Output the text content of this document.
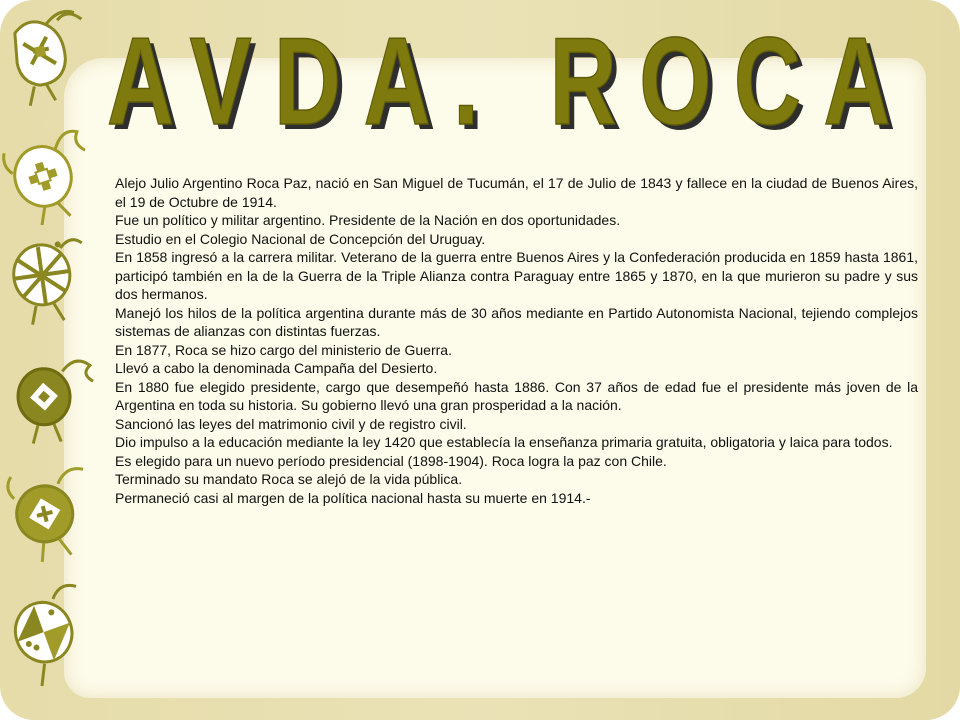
AVDA. ROCA
AVDA. ROCA

Alejo Julio Argentino Roca Paz, nació en San Miguel de Tucumán, el 17 de Julio de 1843 y fallece en la ciudad de Buenos Aires, el 19 de Octubre de 1914.

Fue un político y militar argentino. Presidente de la Nación en dos oportunidades.

Estudio en el Colegio Nacional de Concepción del Uruguay.

En 1858 ingresó a la carrera militar. Veterano de la guerra entre Buenos Aires y la Confederación producida en 1859 hasta 1861, participó también en la de la Guerra de la Triple Alianza contra Paraguay entre 1865 y 1870, en la que murieron su padre y sus dos hermanos.

Manejó los hilos de la política argentina durante más de 30 años mediante en Partido Autonomista Nacional, tejiendo complejos sistemas de alianzas con distintas fuerzas.

En 1877, Roca se hizo cargo del ministerio de Guerra.

Llevó a cabo la denominada Campaña del Desierto.

En 1880 fue elegido presidente, cargo que desempeñó hasta 1886. Con 37 años de edad fue el presidente más joven de la Argentina en toda su historia. Su gobierno llevó una gran prosperidad a la nación.

Sancionó las leyes del matrimonio civil y de registro civil.

Dio impulso a la educación mediante la ley 1420 que establecía la enseñanza primaria gratuita, obligatoria y laica para todos.

Es elegido para un nuevo período presidencial (1898-1904). Roca logra la paz con Chile.

Terminado su mandato Roca se alejó de la vida pública.

Permaneció casi al margen de la política nacional hasta su muerte en 1914.-
